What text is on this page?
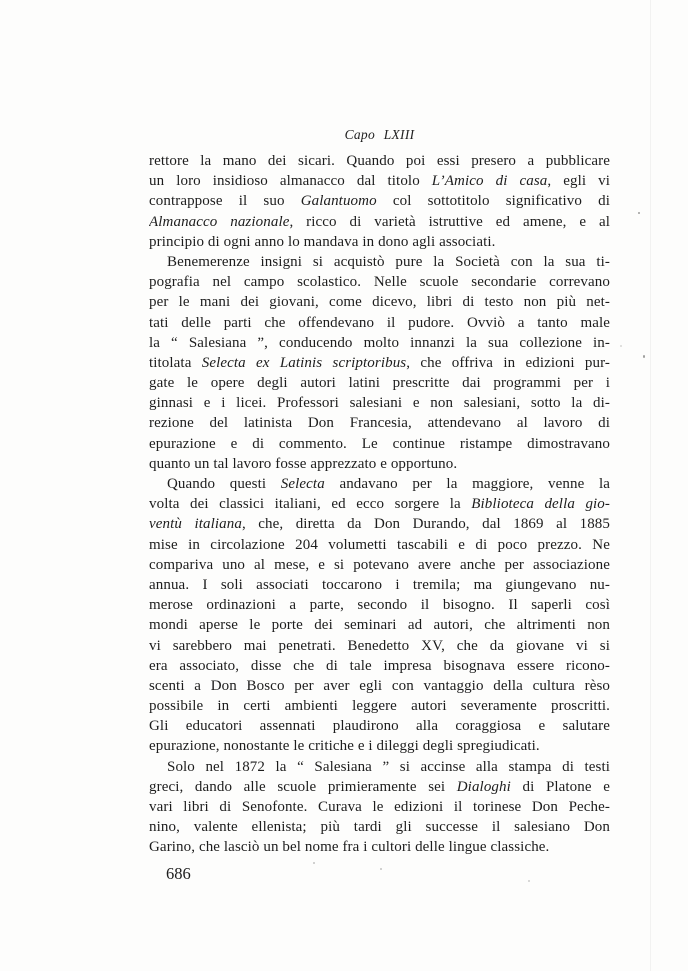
Capo LXIII
rettore la mano dei sicari. Quando poi essi presero a pubblicare
un loro insidioso almanacco dal titolo L’Amico di casa, egli vi
contrappose il suo Galantuomo col sottotitolo significativo di
Almanacco nazionale, ricco di varietà istruttive ed amene, e al
principio di ogni anno lo mandava in dono agli associati.
Benemerenze insigni si acquistò pure la Società con la sua ti-
pografia nel campo scolastico. Nelle scuole secondarie correvano
per le mani dei giovani, come dicevo, libri di testo non più net-
tati delle parti che offendevano il pudore. Ovviò a tanto male
la “ Salesiana ”, conducendo molto innanzi la sua collezione in-
titolata Selecta ex Latinis scriptoribus, che offriva in edizioni pur-
gate le opere degli autori latini prescritte dai programmi per i
ginnasi e i licei. Professori salesiani e non salesiani, sotto la di-
rezione del latinista Don Francesia, attendevano al lavoro di
epurazione e di commento. Le continue ristampe dimostravano
quanto un tal lavoro fosse apprezzato e opportuno.
Quando questi Selecta andavano per la maggiore, venne la
volta dei classici italiani, ed ecco sorgere la Biblioteca della gio-
ventù italiana, che, diretta da Don Durando, dal 1869 al 1885
mise in circolazione 204 volumetti tascabili e di poco prezzo. Ne
compariva uno al mese, e si potevano avere anche per associazione
annua. I soli associati toccarono i tremila; ma giungevano nu-
merose ordinazioni a parte, secondo il bisogno. Il saperli così
mondi aperse le porte dei seminari ad autori, che altrimenti non
vi sarebbero mai penetrati. Benedetto XV, che da giovane vi si
era associato, disse che di tale impresa bisognava essere ricono-
scenti a Don Bosco per aver egli con vantaggio della cultura rèso
possibile in certi ambienti leggere autori severamente proscritti.
Gli educatori assennati plaudirono alla coraggiosa e salutare
epurazione, nonostante le critiche e i dileggi degli spregiudicati.
Solo nel 1872 la “ Salesiana ” si accinse alla stampa di testi
greci, dando alle scuole primieramente sei Dialoghi di Platone e
vari libri di Senofonte. Curava le edizioni il torinese Don Peche-
nino, valente ellenista; più tardi gli successe il salesiano Don
Garino, che lasciò un bel nome fra i cultori delle lingue classiche.
686
